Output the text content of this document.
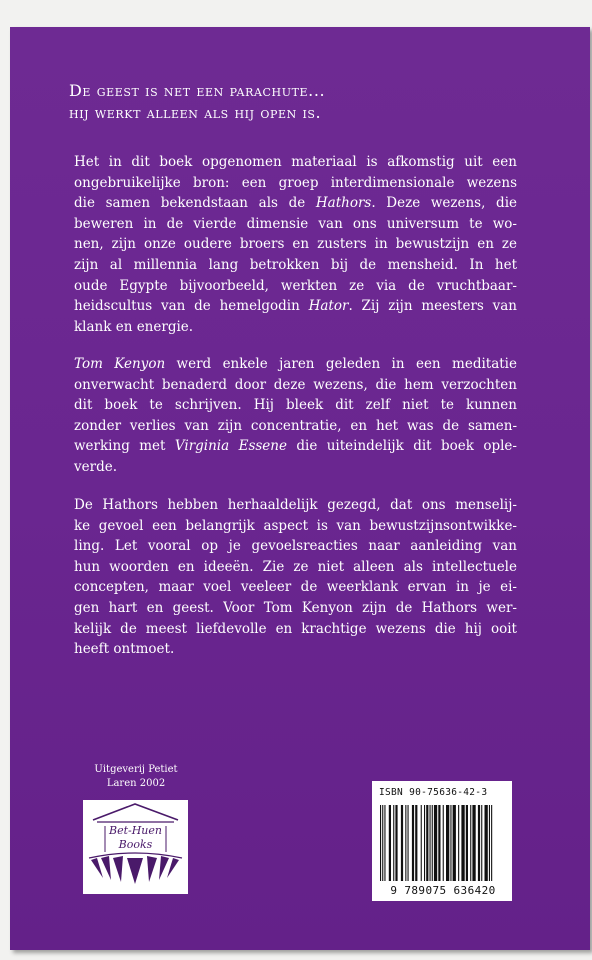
De geest is net een parachute...
hij werkt alleen als hij open is.
Het in dit boek opgenomen materiaal is afkomstig uit een
ongebruikelijke bron: een groep interdimensionale wezens
die samen bekendstaan als de Hathors. Deze wezens, die
beweren in de vierde dimensie van ons universum te wo-
nen, zijn onze oudere broers en zusters in bewustzijn en ze
zijn al millennia lang betrokken bij de mensheid. In het
oude Egypte bijvoorbeeld, werkten ze via de vruchtbaar-
heidscultus van de hemelgodin Hator. Zij zijn meesters van
klank en energie.
Tom Kenyon werd enkele jaren geleden in een meditatie
onverwacht benaderd door deze wezens, die hem verzochten
dit boek te schrijven. Hij bleek dit zelf niet te kunnen
zonder verlies van zijn concentratie, en het was de samen-
werking met Virginia Essene die uiteindelijk dit boek ople-
verde.
De Hathors hebben herhaaldelijk gezegd, dat ons menselij-
ke gevoel een belangrijk aspect is van bewustzijnsontwikke-
ling. Let vooral op je gevoelsreacties naar aanleiding van
hun woorden en ideeën. Zie ze niet alleen als intellectuele
concepten, maar voel veeleer de weerklank ervan in je ei-
gen hart en geest. Voor Tom Kenyon zijn de Hathors wer-
kelijk de meest liefdevolle en krachtige wezens die hij ooit
heeft ontmoet.
Uitgeverij Petiet
Laren 2002
Bet-Huen
Books
ISBN 90-75636-42-3
9 789075 636420
